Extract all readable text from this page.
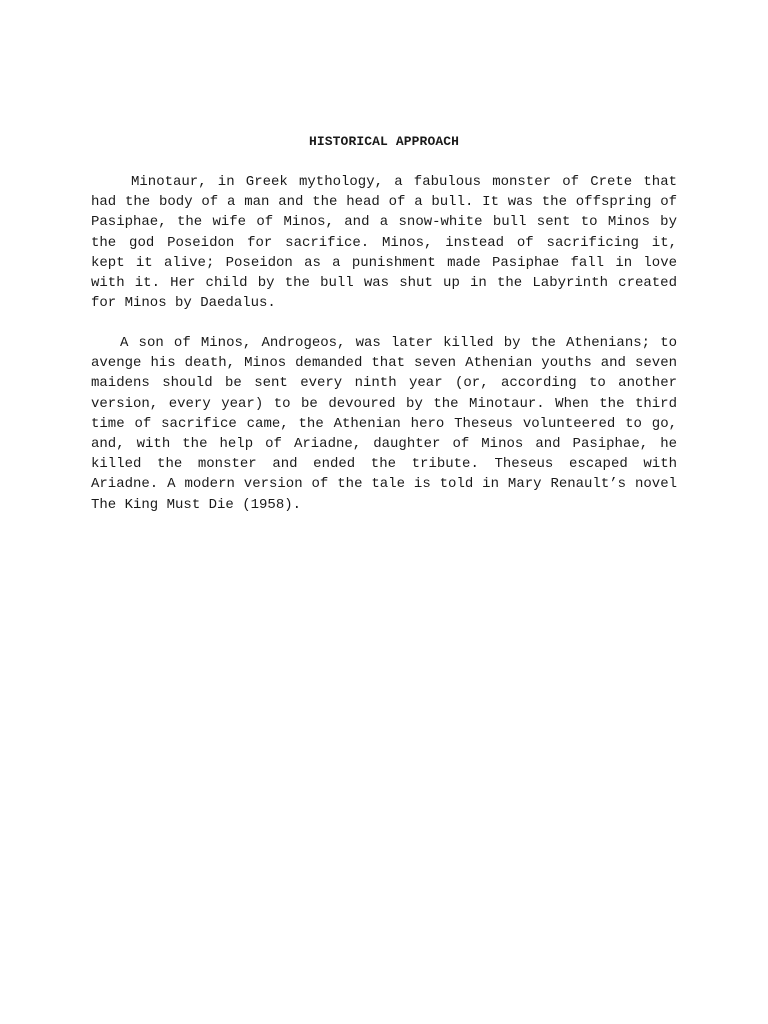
HISTORICAL APPROACH

Minotaur, in Greek mythology, a fabulous monster of Crete that had the body of a man and the head of a bull. It was the offspring of Pasiphae, the wife of Minos, and a snow-white bull sent to Minos by the god Poseidon for sacrifice. Minos, instead of sacrificing it, kept it alive; Poseidon as a punishment made Pasiphae fall in love with it. Her child by the bull was shut up in the Labyrinth created for Minos by Daedalus.

A son of Minos, Androgeos, was later killed by the Athenians; to avenge his death, Minos demanded that seven Athenian youths and seven maidens should be sent every ninth year (or, according to another version, every year) to be devoured by the Minotaur. When the third time of sacrifice came, the Athenian hero Theseus volunteered to go, and, with the help of Ariadne, daughter of Minos and Pasiphae, he killed the monster and ended the tribute. Theseus escaped with Ariadne. A modern version of the tale is told in Mary Renault’s novel The King Must Die (1958).
